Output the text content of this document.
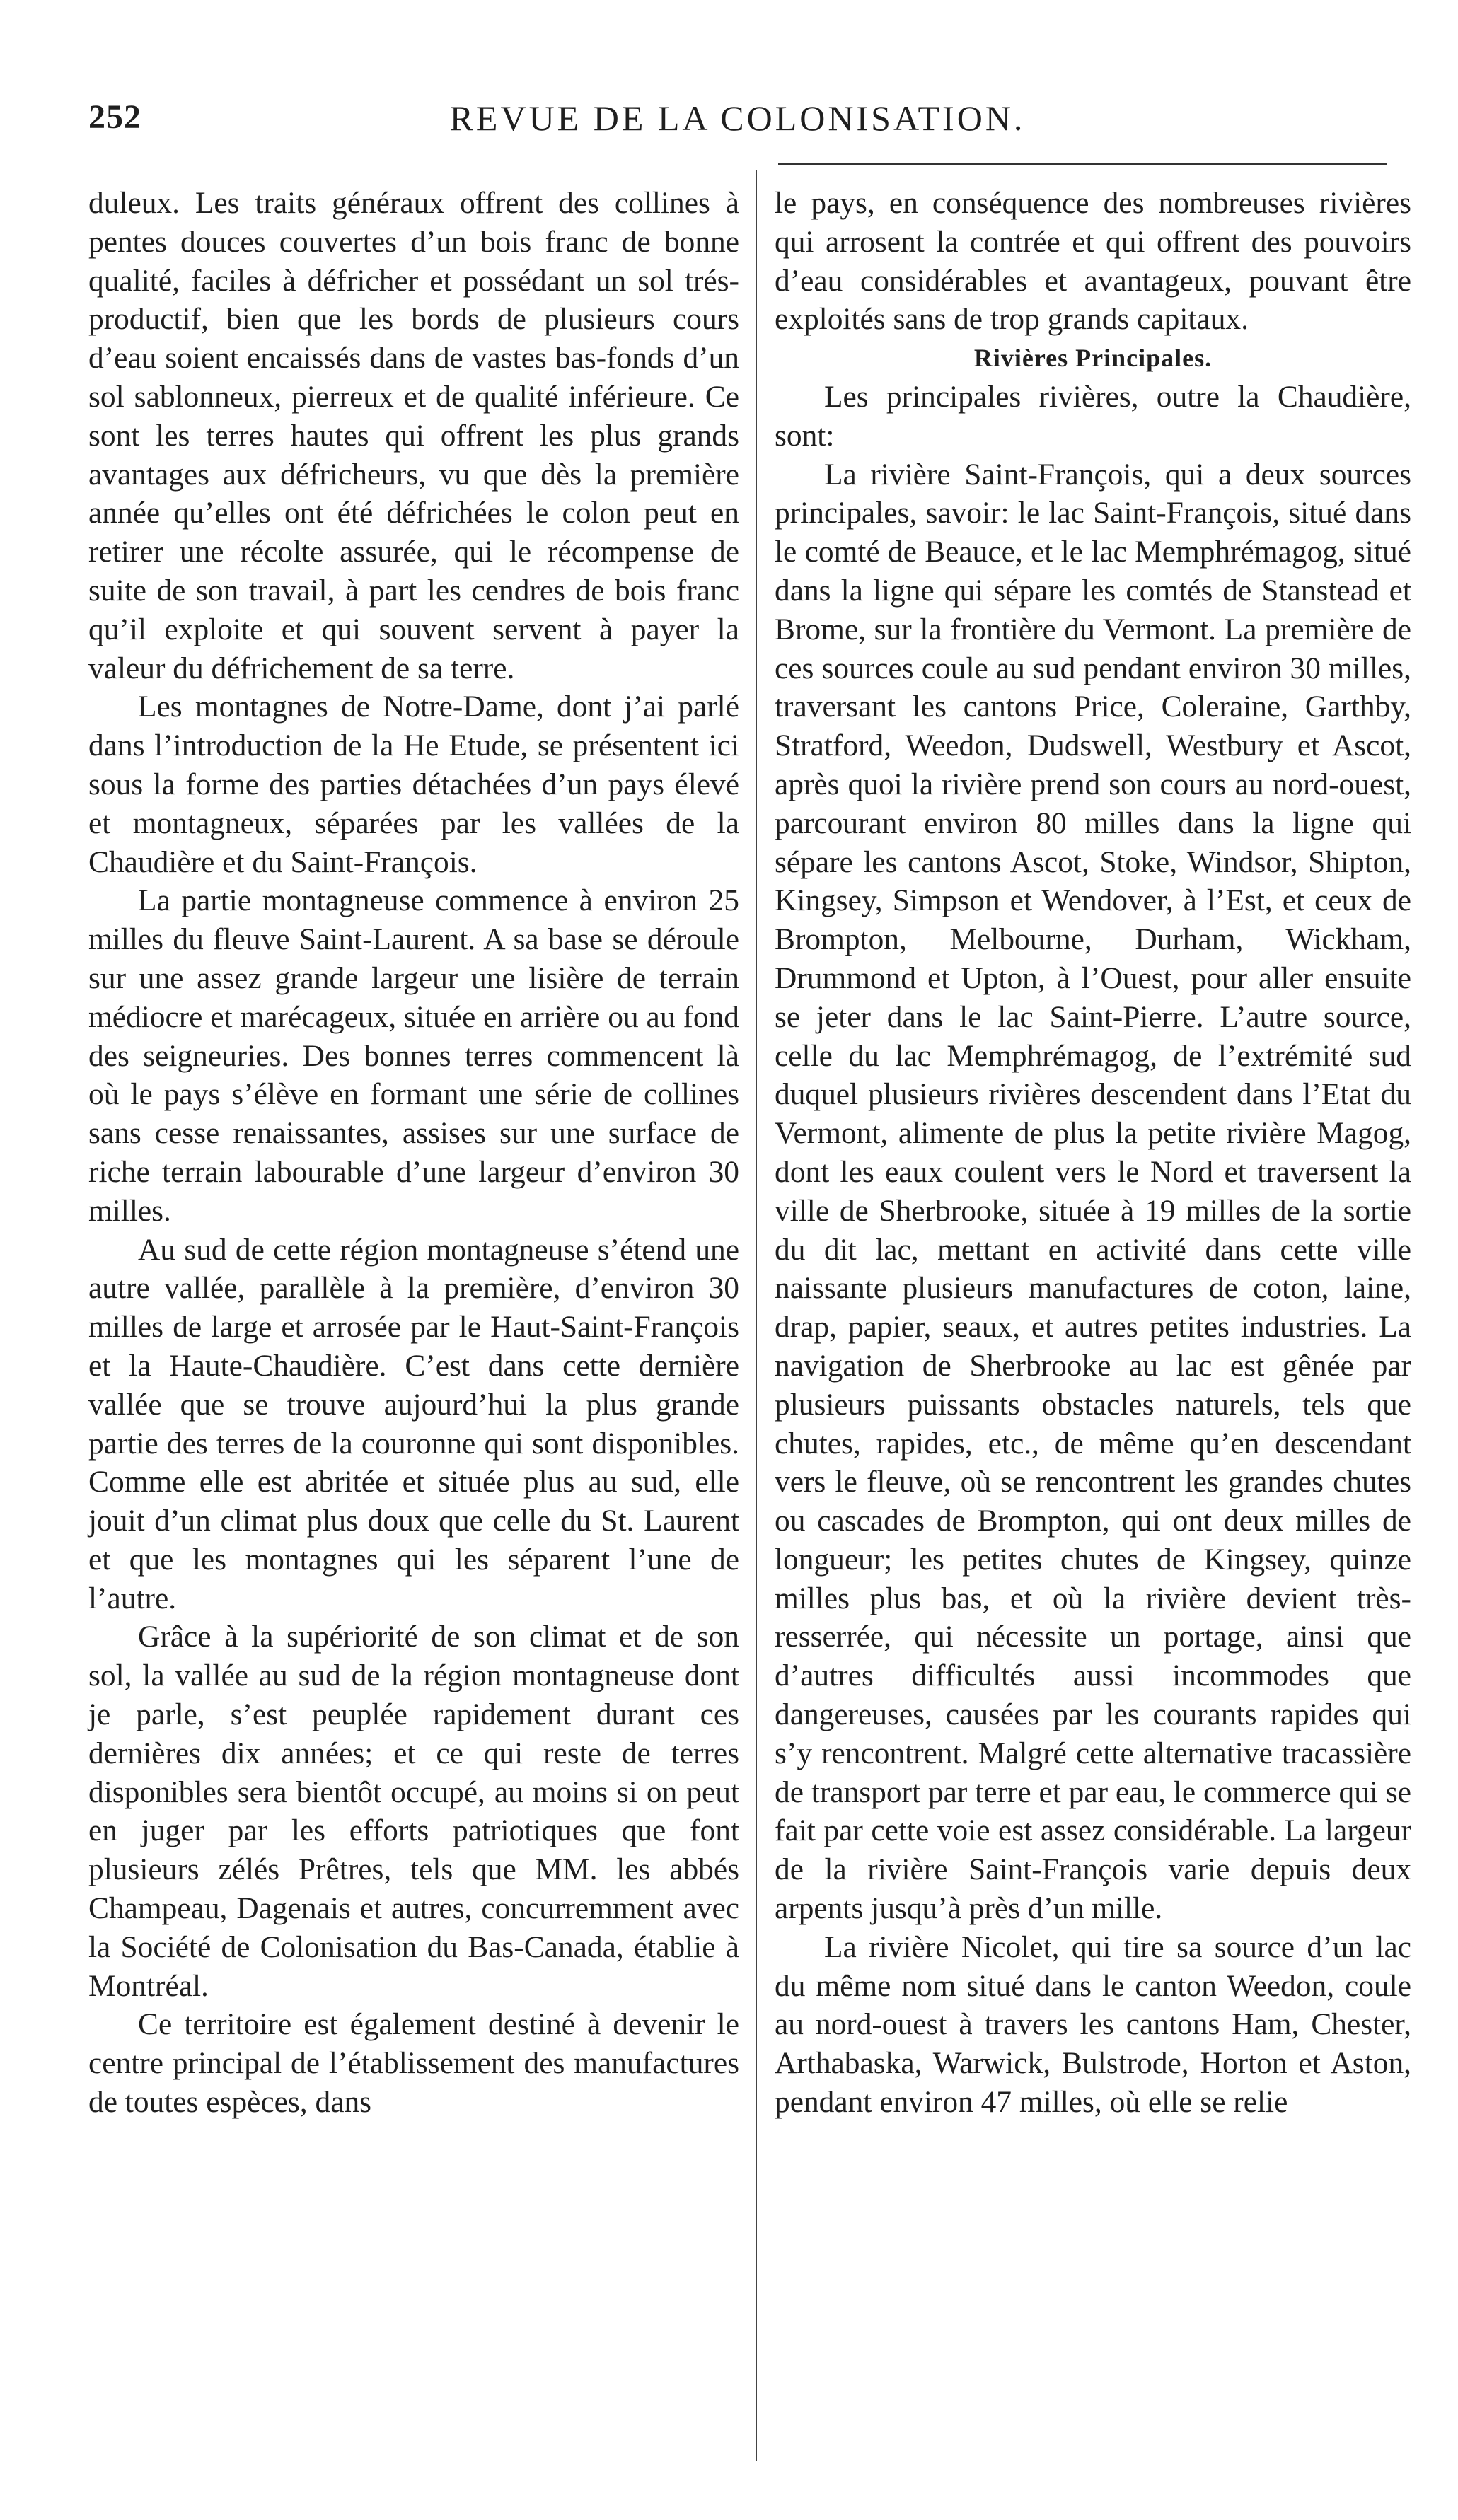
252	REVUE DE LA COLONISATION.

duleux. Les traits généraux offrent des collines à pentes douces couvertes d’un bois franc de bonne qualité, faciles à défricher et possédant un sol trés-productif, bien que les bords de plusieurs cours d’eau soient encaissés dans de vastes bas-fonds d’un sol sablonneux, pierreux et de qualité inférieure. Ce sont les terres hautes qui offrent les plus grands avantages aux défricheurs, vu que dès la première année qu’elles ont été défrichées le colon peut en retirer une récolte assurée, qui le récompense de suite de son travail, à part les cendres de bois franc qu’il exploite et qui souvent servent à payer la valeur du défrichement de sa terre.

Les montagnes de Notre-Dame, dont j’ai parlé dans l’introduction de la He Etude, se présentent ici sous la forme des parties détachées d’un pays élevé et montagneux, séparées par les vallées de la Chaudière et du Saint-François.

La partie montagneuse commence à environ 25 milles du fleuve Saint-Laurent. A sa base se déroule sur une assez grande largeur une lisière de terrain médiocre et marécageux, située en arrière ou au fond des seigneuries. Des bonnes terres commencent là où le pays s’élève en formant une série de collines sans cesse renaissantes, assises sur une surface de riche terrain labourable d’une largeur d’environ 30 milles.

Au sud de cette région montagneuse s’étend une autre vallée, parallèle à la première, d’environ 30 milles de large et arrosée par le Haut-Saint-François et la Haute-Chaudière. C’est dans cette dernière vallée que se trouve aujourd’hui la plus grande partie des terres de la couronne qui sont disponibles. Comme elle est abritée et située plus au sud, elle jouit d’un climat plus doux que celle du St. Laurent et que les montagnes qui les séparent l’une de l’autre.

Grâce à la supériorité de son climat et de son sol, la vallée au sud de la région montagneuse dont je parle, s’est peuplée rapidement durant ces dernières dix années; et ce qui reste de terres disponibles sera bientôt occupé, au moins si on peut en juger par les efforts patriotiques que font plusieurs zélés Prêtres, tels que MM. les abbés Champeau, Dagenais et autres, concurremment avec la Société de Colonisation du Bas-Canada, établie à Montréal.

Ce territoire est également destiné à devenir le centre principal de l’établissement des manufactures de toutes espèces, dans

le pays, en conséquence des nombreuses rivières qui arrosent la contrée et qui offrent des pouvoirs d’eau considérables et avantageux, pouvant être exploités sans de trop grands capitaux.

Rivières Principales.

Les principales rivières, outre la Chaudière, sont:

La rivière Saint-François, qui a deux sources principales, savoir: le lac Saint-François, situé dans le comté de Beauce, et le lac Memphrémagog, situé dans la ligne qui sépare les comtés de Stanstead et Brome, sur la frontière du Vermont. La première de ces sources coule au sud pendant environ 30 milles, traversant les cantons Price, Coleraine, Garthby, Stratford, Weedon, Dudswell, Westbury et Ascot, après quoi la rivière prend son cours au nord-ouest, parcourant environ 80 milles dans la ligne qui sépare les cantons Ascot, Stoke, Windsor, Shipton, Kingsey, Simpson et Wendover, à l’Est, et ceux de Brompton, Melbourne, Durham, Wickham, Drummond et Upton, à l’Ouest, pour aller ensuite se jeter dans le lac Saint-Pierre. L’autre source, celle du lac Memphrémagog, de l’extrémité sud duquel plusieurs rivières descendent dans l’Etat du Vermont, alimente de plus la petite rivière Magog, dont les eaux coulent vers le Nord et traversent la ville de Sherbrooke, située à 19 milles de la sortie du dit lac, mettant en activité dans cette ville naissante plusieurs manufactures de coton, laine, drap, papier, seaux, et autres petites industries. La navigation de Sherbrooke au lac est gênée par plusieurs puissants obstacles naturels, tels que chutes, rapides, etc., de même qu’en descendant vers le fleuve, où se rencontrent les grandes chutes ou cascades de Brompton, qui ont deux milles de longueur; les petites chutes de Kingsey, quinze milles plus bas, et où la rivière devient très-resserrée, qui nécessite un portage, ainsi que d’autres difficultés aussi incommodes que dangereuses, causées par les courants rapides qui s’y rencontrent. Malgré cette alternative tracassière de transport par terre et par eau, le commerce qui se fait par cette voie est assez considérable. La largeur de la rivière Saint-François varie depuis deux arpents jusqu’à près d’un mille.

La rivière Nicolet, qui tire sa source d’un lac du même nom situé dans le canton Weedon, coule au nord-ouest à travers les cantons Ham, Chester, Arthabaska, Warwick, Bulstrode, Horton et Aston, pendant environ 47 milles, où elle se relie
